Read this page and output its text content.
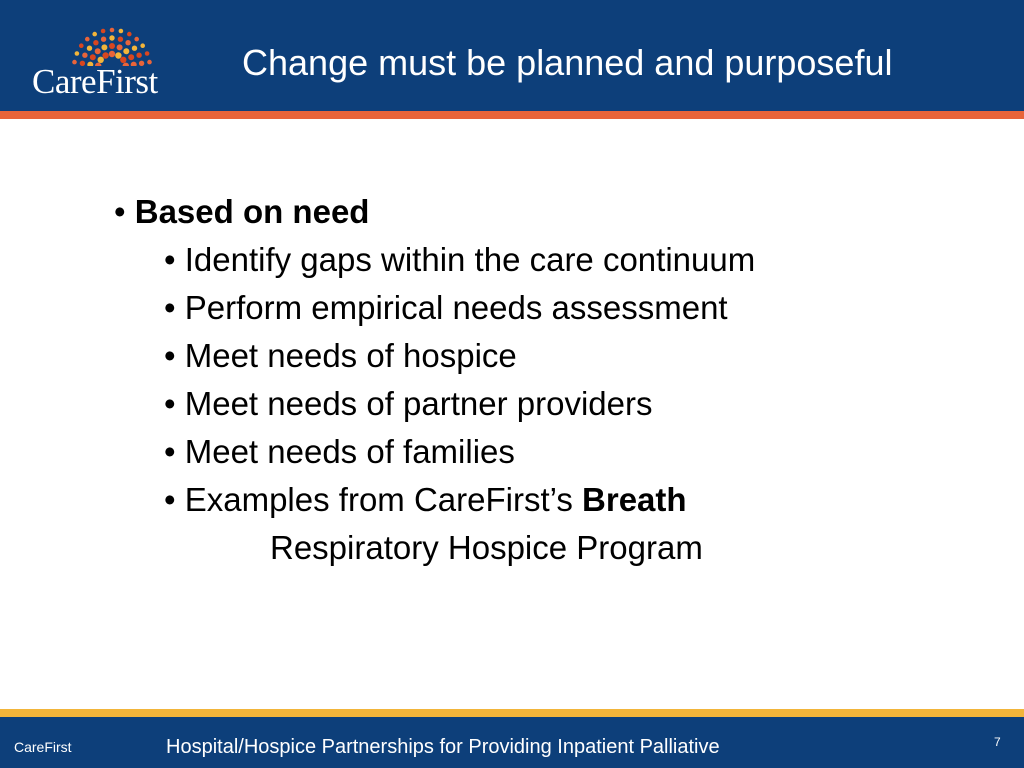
CareFirst Change must be planned and purposeful
• Based on need
• Identify gaps within the care continuum
• Perform empirical needs assessment
• Meet needs of hospice
• Meet needs of partner providers
• Meet needs of families
• Examples from CareFirst’s Breath
Respiratory Hospice Program
CareFirst	Hospital/Hospice Partnerships for Providing Inpatient Palliative	7
